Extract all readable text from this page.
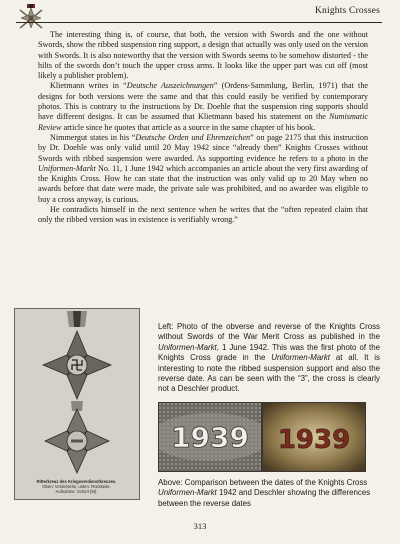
Knights Crosses

The interesting thing is, of course, that both, the version with Swords and the one without Swords, show the ribbed suspension ring support, a design that actually was only used on the version with Swords. It is also noteworthy that the version with Swords seems to be somehow distorted - the hilts of the swords don’t touch the upper cross arms. It looks like the upper part was cut off (most likely a publisher problem).

Klietmann writes in “Deutsche Auszeichnungen” (Ordens-Sammlung, Berlin, 1971) that the designs for both versions were the same and that this could easily be verified by contemporary photos. This is contrary to the instructions by Dr. Doehle that the suspension ring supports should have different designs. It can be assumed that Klietmann based his statement on the Numismatic Review article since he quotes that article as a source in the same chapter of his book.

Nimmergut states in his “Deutsche Orden und Ehrenzeichen” on page 2175 that this instruction by Dr. Doehle was only valid until 20 May 1942 since “already then” Knights Crosses without Swords with ribbed suspension were awarded. As supporting evidence he refers to a photo in the Uniformen-Markt No. 11, 1 June 1942 which accompanies an article about the very first awarding of the Knights Cross. How he can state that the instruction was only valid up to 20 May when no awards before that date were made, the private sale was prohibited, and no awardee was eligible to buy a cross anyway, is curious.

He contradicts himself in the next sentence when he writes that the “often repeated claim that only the ribbed version was in existence is verifiably wrong.”

Ritterkreuz des Kriegsverdienstkreuzes.
Oben: Vorderseite, unten: Rückseite.
Aufnahme: Scherl (M).

Left: Photo of the obverse and reverse of the Knights Cross without Swords of the War Merit Cross as published in the Uniformen-Markt, 1 June 1942. This was the first photo of the Knights Cross grade in the Uniformen-Markt at all. It is interesting to note the ribbed suspension support and also the reverse date. As can be seen with the “3”, the cross is clearly not a Deschler product.

1939 1939

Above: Comparison between the dates of the Knights Cross Uniformen-Markt 1942 and Deschler showing the differences between the reverse dates

313
